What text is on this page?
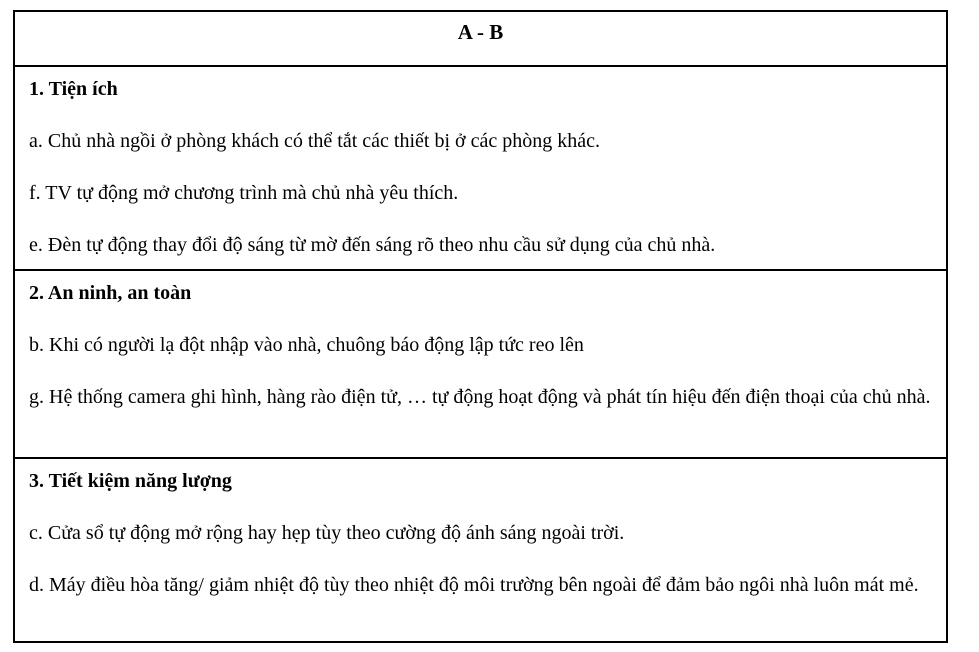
A - B

1. Tiện ích

a. Chủ nhà ngồi ở phòng khách có thể tắt các thiết bị ở các phòng khác.

f. TV tự động mở chương trình mà chủ nhà yêu thích.

e. Đèn tự động thay đổi độ sáng từ mờ đến sáng rõ theo nhu cầu sử dụng của chủ nhà.

2. An ninh, an toàn

b. Khi có người lạ đột nhập vào nhà, chuông báo động lập tức reo lên

g. Hệ thống camera ghi hình, hàng rào điện tử, … tự động hoạt động và phát tín hiệu đến điện thoại của chủ nhà.

3. Tiết kiệm năng lượng

c. Cửa sổ tự động mở rộng hay hẹp tùy theo cường độ ánh sáng ngoài trời.

d. Máy điều hòa tăng/ giảm nhiệt độ tùy theo nhiệt độ môi trường bên ngoài để đảm bảo ngôi nhà luôn mát mẻ.
